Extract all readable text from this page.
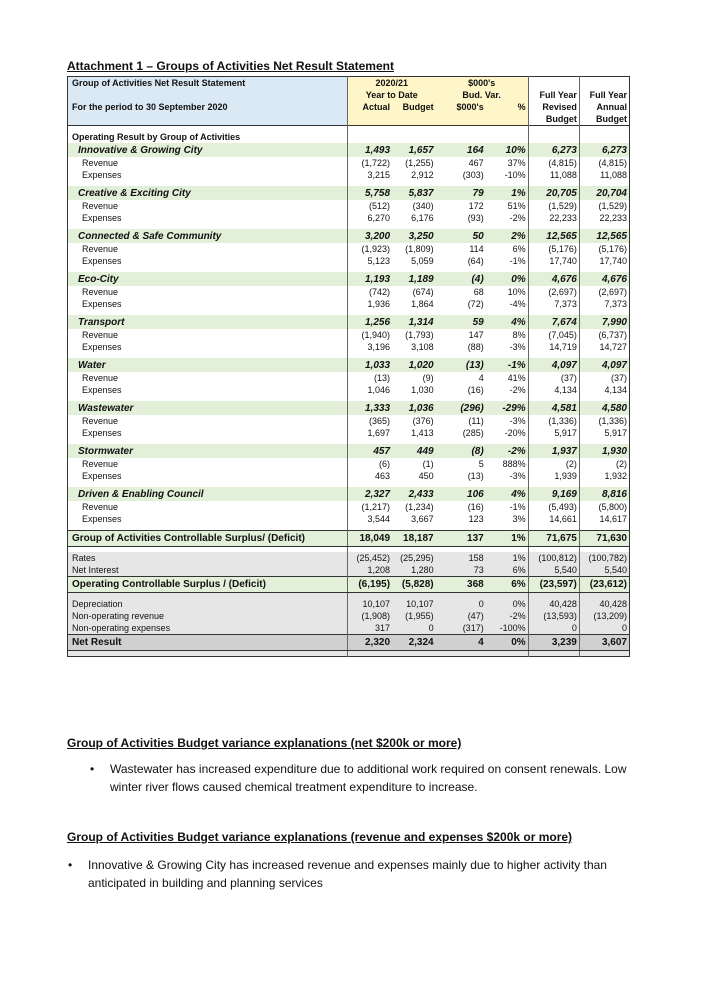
Attachment 1 – Groups of Activities Net Result Statement
Group of Activities Net Result Statement	2020/21		$000's			
	Year to Date		Bud. Var.		Full Year	Full Year
For the period to 30 September 2020	Actual	Budget	$000's	%	Revised	Annual
					Budget	Budget

Operating Result by Group of Activities						
Innovative & Growing City	1,493	1,657	164	10%	6,273	6,273
Revenue	(1,722)	(1,255)	467	37%	(4,815)	(4,815)
Expenses	3,215	2,912	(303)	-10%	11,088	11,088

Creative & Exciting City	5,758	5,837	79	1%	20,705	20,704
Revenue	(512)	(340)	172	51%	(1,529)	(1,529)
Expenses	6,270	6,176	(93)	-2%	22,233	22,233

Connected & Safe Community	3,200	3,250	50	2%	12,565	12,565
Revenue	(1,923)	(1,809)	114	6%	(5,176)	(5,176)
Expenses	5,123	5,059	(64)	-1%	17,740	17,740

Eco-City	1,193	1,189	(4)	0%	4,676	4,676
Revenue	(742)	(674)	68	10%	(2,697)	(2,697)
Expenses	1,936	1,864	(72)	-4%	7,373	7,373

Transport	1,256	1,314	59	4%	7,674	7,990
Revenue	(1,940)	(1,793)	147	8%	(7,045)	(6,737)
Expenses	3,196	3,108	(88)	-3%	14,719	14,727

Water	1,033	1,020	(13)	-1%	4,097	4,097
Revenue	(13)	(9)	4	41%	(37)	(37)
Expenses	1,046	1,030	(16)	-2%	4,134	4,134

Wastewater	1,333	1,036	(296)	-29%	4,581	4,580
Revenue	(365)	(376)	(11)	-3%	(1,336)	(1,336)
Expenses	1,697	1,413	(285)	-20%	5,917	5,917

Stormwater	457	449	(8)	-2%	1,937	1,930
Revenue	(6)	(1)	5	888%	(2)	(2)
Expenses	463	450	(13)	-3%	1,939	1,932

Driven & Enabling Council	2,327	2,433	106	4%	9,169	8,816
Revenue	(1,217)	(1,234)	(16)	-1%	(5,493)	(5,800)
Expenses	3,544	3,667	123	3%	14,661	14,617

Group of Activities Controllable Surplus/ (Deficit)	18,049	18,187	137	1%	71,675	71,630

Rates	(25,452)	(25,295)	158	1%	(100,812)	(100,782)
Net Interest	1,208	1,280	73	6%	5,540	5,540
Operating Controllable Surplus / (Deficit)	(6,195)	(5,828)	368	6%	(23,597)	(23,612)

Depreciation	10,107	10,107	0	0%	40,428	40,428
Non-operating revenue	(1,908)	(1,955)	(47)	-2%	(13,593)	(13,209)
Non-operating expenses	317	0	(317)	-100%	0	0
Net Result	2,320	2,324	4	0%	3,239	3,607

Group of Activities Budget variance explanations (net $200k or more)
• Wastewater has increased expenditure due to additional work required on consent renewals. Low
winter river flows caused chemical treatment expenditure to increase.
Group of Activities Budget variance explanations (revenue and expenses $200k or more)
• Innovative & Growing City has increased revenue and expenses mainly due to higher activity than
anticipated in building and planning services
